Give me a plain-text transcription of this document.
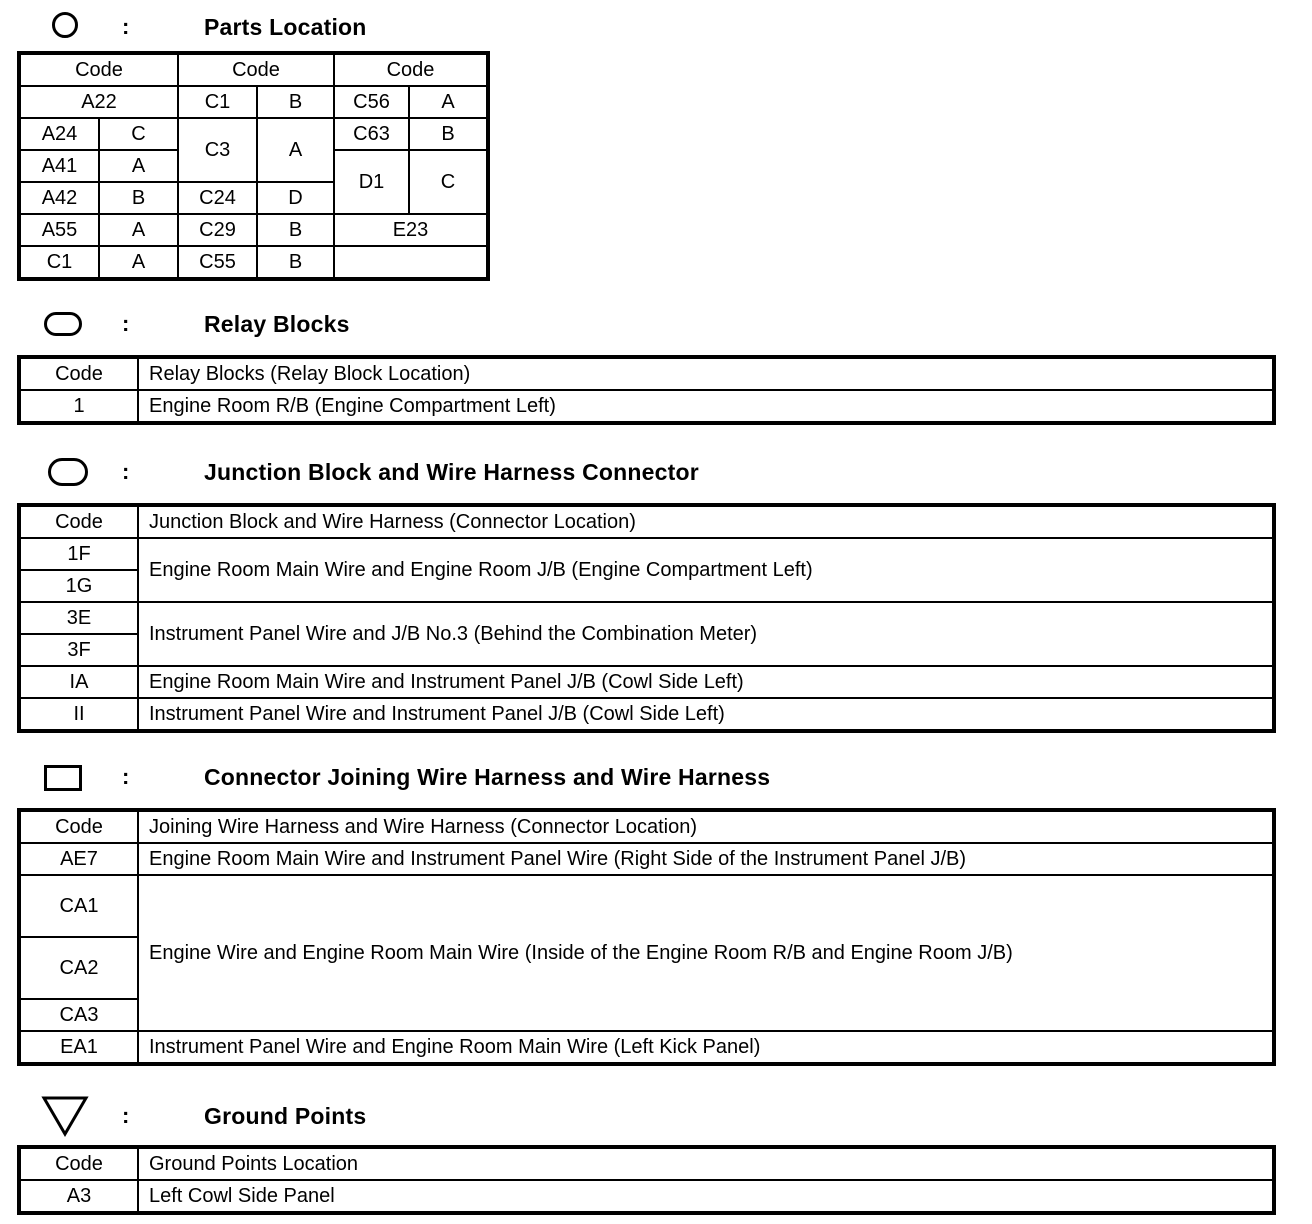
:	Parts Location
Code		Code		Code	
A22		C1	B	C56	A
A24	C	C3	A	C63	B
A41	A			D1	C
A42	B	C24	D		
A55	A	C29	B	E23	
C1	A	C55	B		
:	Relay Blocks
Code	Relay Blocks (Relay Block Location)
1	Engine Room R/B (Engine Compartment Left)
:	Junction Block and Wire Harness Connector
Code	Junction Block and Wire Harness (Connector Location)
1F	Engine Room Main Wire and Engine Room J/B (Engine Compartment Left)
1G	
3E	Instrument Panel Wire and J/B No.3 (Behind the Combination Meter)
3F	
IA	Engine Room Main Wire and Instrument Panel J/B (Cowl Side Left)
II	Instrument Panel Wire and Instrument Panel J/B (Cowl Side Left)
:	Connector Joining Wire Harness and Wire Harness
Code	Joining Wire Harness and Wire Harness (Connector Location)
AE7	Engine Room Main Wire and Instrument Panel Wire (Right Side of the Instrument Panel J/B)
CA1	Engine Wire and Engine Room Main Wire (Inside of the Engine Room R/B and Engine Room J/B)
CA2	
CA3	
EA1	Instrument Panel Wire and Engine Room Main Wire (Left Kick Panel)
:	Ground Points
Code	Ground Points Location
A3	Left Cowl Side Panel
